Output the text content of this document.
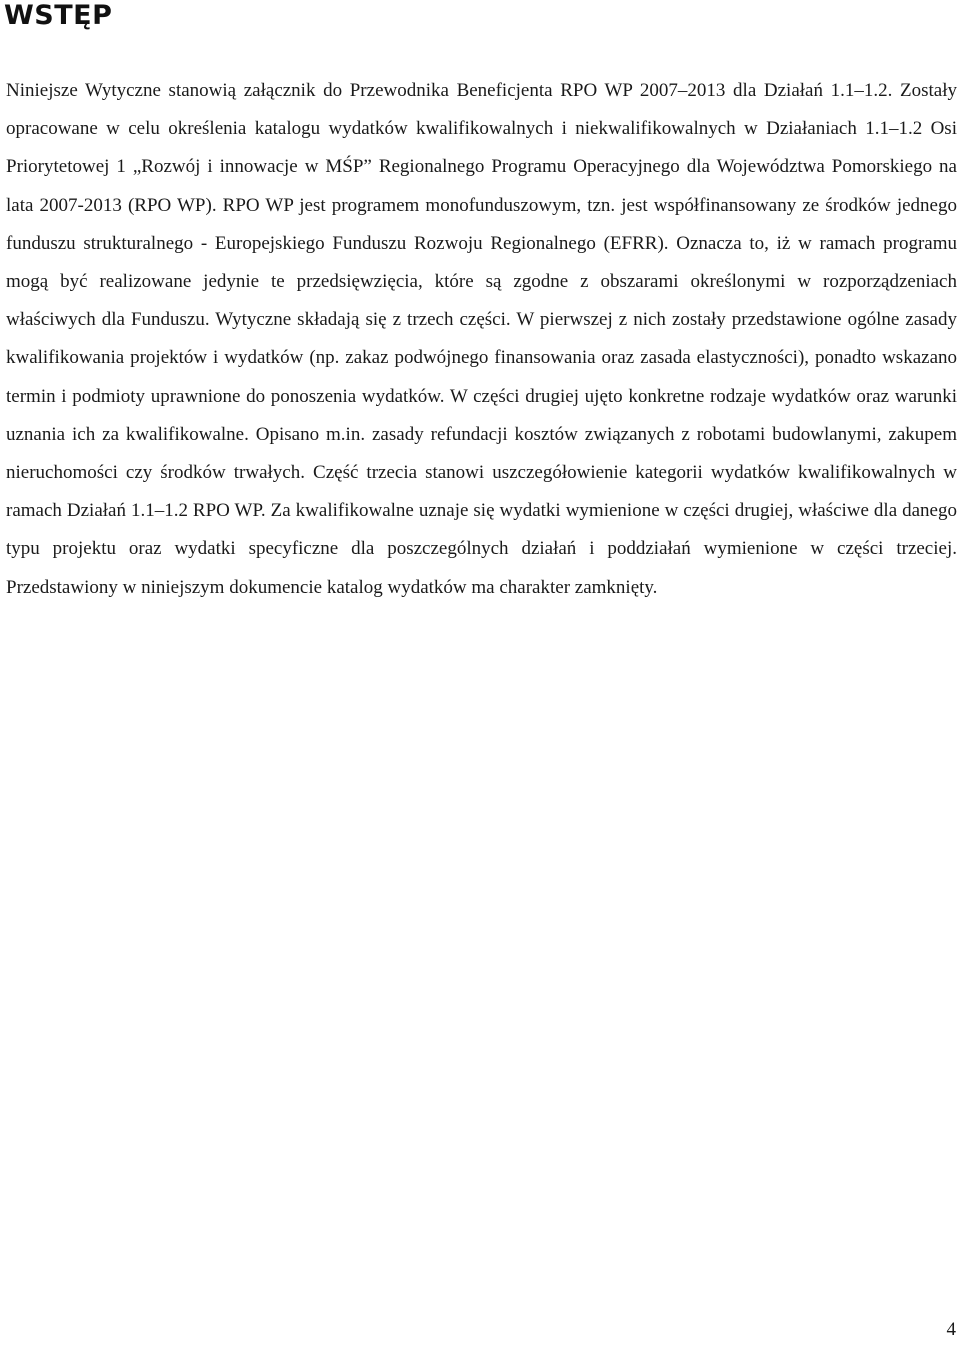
WSTĘP

Niniejsze Wytyczne stanowią załącznik do Przewodnika Beneficjenta RPO WP 2007–2013 dla Działań 1.1–1.2. Zostały opracowane w celu określenia katalogu wydatków kwalifikowalnych i niekwalifikowalnych w Działaniach 1.1–1.2 Osi Priorytetowej 1 „Rozwój i innowacje w MŚP” Regionalnego Programu Operacyjnego dla Województwa Pomorskiego na lata 2007-2013 (RPO WP). RPO WP jest programem monofunduszowym, tzn. jest współfinansowany ze środków jednego funduszu strukturalnego - Europejskiego Funduszu Rozwoju Regionalnego (EFRR). Oznacza to, iż w ramach programu mogą być realizowane jedynie te przedsięwzięcia, które są zgodne z obszarami określonymi w rozporządzeniach właściwych dla Funduszu. Wytyczne składają się z trzech części. W pierwszej z nich zostały przedstawione ogólne zasady kwalifikowania projektów i wydatków (np. zakaz podwójnego finansowania oraz zasada elastyczności), ponadto wskazano termin i podmioty uprawnione do ponoszenia wydatków. W części drugiej ujęto konkretne rodzaje wydatków oraz warunki uznania ich za kwalifikowalne. Opisano m.in. zasady refundacji kosztów związanych z robotami budowlanymi, zakupem nieruchomości czy środków trwałych. Część trzecia stanowi uszczegółowienie kategorii wydatków kwalifikowalnych w ramach Działań 1.1–1.2 RPO WP. Za kwalifikowalne uznaje się wydatki wymienione w części drugiej, właściwe dla danego typu projektu oraz wydatki specyficzne dla poszczególnych działań i poddziałań wymienione w części trzeciej. Przedstawiony w niniejszym dokumencie katalog wydatków ma charakter zamknięty.

4
